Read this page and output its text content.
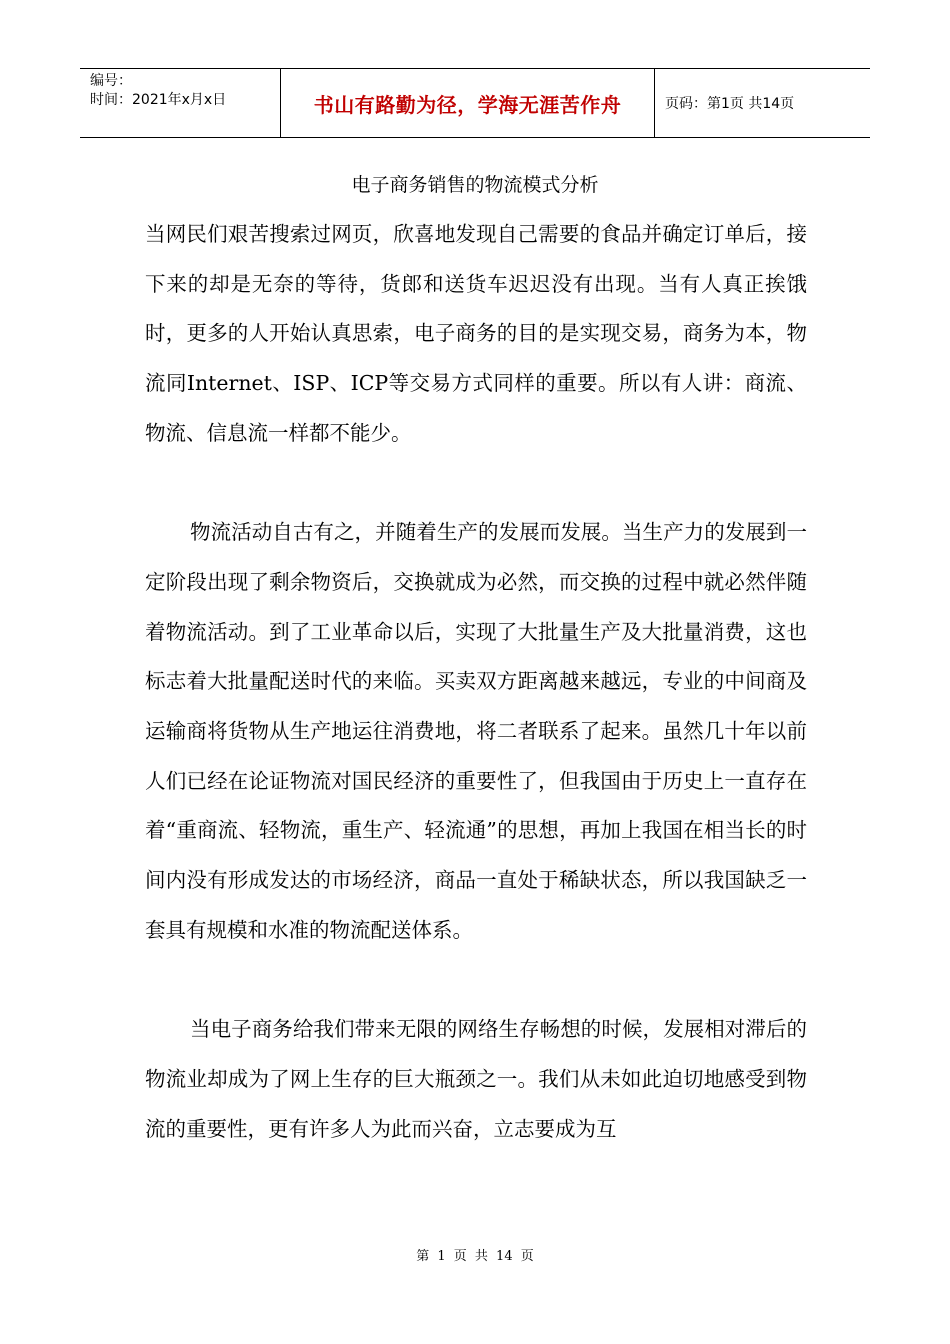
编号：
时间：2021年x月x日	书山有路勤为径，学海无涯苦作舟	页码：第1页 共14页
电子商务销售的物流模式分析

当网民们艰苦搜索过网页，欣喜地发现自己需要的食品并确定订单后，接下来的却是无奈的等待，货郎和送货车迟迟没有出现。当有人真正挨饿时，更多的人开始认真思索，电子商务的目的是实现交易，商务为本，物流同Internet、ISP、ICP等交易方式同样的重要。所以有人讲：商流、物流、信息流一样都不能少。

物流活动自古有之，并随着生产的发展而发展。当生产力的发展到一定阶段出现了剩余物资后，交换就成为必然，而交换的过程中就必然伴随着物流活动。到了工业革命以后，实现了大批量生产及大批量消费，这也标志着大批量配送时代的来临。买卖双方距离越来越远，专业的中间商及运输商将货物从生产地运往消费地，将二者联系了起来。虽然几十年以前人们已经在论证物流对国民经济的重要性了，但我国由于历史上一直存在着“重商流、轻物流，重生产、轻流通”的思想，再加上我国在相当长的时间内没有形成发达的市场经济，商品一直处于稀缺状态，所以我国缺乏一套具有规模和水准的物流配送体系。

当电子商务给我们带来无限的网络生存畅想的时候，发展相对滞后的物流业却成为了网上生存的巨大瓶颈之一。我们从未如此迫切地感受到物流的重要性，更有许多人为此而兴奋，立志要成为互

第 1 页 共 14 页
